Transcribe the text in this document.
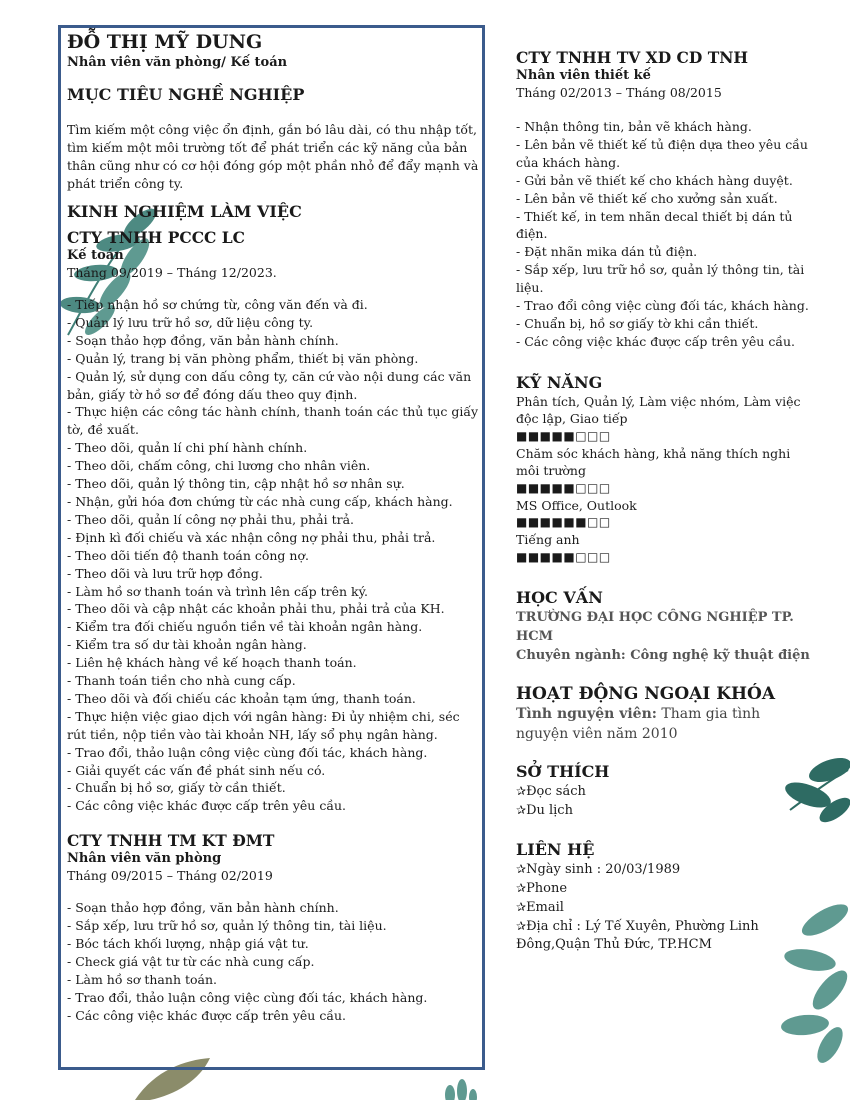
ĐỖ THỊ MỸ DUNG
Nhân viên văn phòng/ Kế toán
MỤC TIÊU NGHỀ NGHIỆP
Tìm kiếm một công việc ổn định, gắn bó lâu dài, có thu nhập tốt, tìm kiếm một môi trường tốt để phát triển các kỹ năng của bản thân cũng như có cơ hội đóng góp một phần nhỏ để đẩy mạnh và phát triển công ty.
KINH NGHIỆM LÀM VIỆC
CTY TNHH PCCC LC
Kế toán
Tháng 09/2019 – Tháng 12/2023.
- Tiếp nhận hồ sơ chứng từ, công văn đến và đi.
- Quản lý lưu trữ hồ sơ, dữ liệu công ty.
- Soạn thảo hợp đồng, văn bản hành chính.
- Quản lý, trang bị văn phòng phẩm, thiết bị văn phòng.
- Quản lý, sử dụng con dấu công ty, căn cứ vào nội dung các văn bản, giấy tờ hồ sơ để đóng dấu theo quy định.
- Thực hiện các công tác hành chính, thanh toán các thủ tục giấy tờ, đề xuất.
- Theo dõi, quản lí chi phí hành chính.
- Theo dõi, chấm công, chi lương cho nhân viên.
- Theo dõi, quản lý thông tin, cập nhật hồ sơ nhân sự.
- Nhận, gửi hóa đơn chứng từ các nhà cung cấp, khách hàng.
- Theo dõi, quản lí công nợ phải thu, phải trả.
- Định kì đối chiếu và xác nhận công nợ phải thu, phải trả.
- Theo dõi tiến độ thanh toán công nợ.
- Theo dõi và lưu trữ hợp đồng.
- Làm hồ sơ thanh toán và trình lên cấp trên ký.
- Theo dõi và cập nhật các khoản phải thu, phải trả của KH.
- Kiểm tra đối chiếu nguồn tiền về tài khoản ngân hàng.
- Kiểm tra số dư tài khoản ngân hàng.
- Liên hệ khách hàng về kế hoạch thanh toán.
- Thanh toán tiền cho nhà cung cấp.
- Theo dõi và đối chiếu các khoản tạm ứng, thanh toán.
- Thực hiện việc giao dịch với ngân hàng: Đi ủy nhiệm chi, séc rút tiền, nộp tiền vào tài khoản NH, lấy sổ phụ ngân hàng.
- Trao đổi, thảo luận công việc cùng đối tác, khách hàng.
- Giải quyết các vấn đề phát sinh nếu có.
- Chuẩn bị hồ sơ, giấy tờ cần thiết.
- Các công việc khác được cấp trên yêu cầu.
CTY TNHH TM KT ĐMT
Nhân viên văn phòng
Tháng 09/2015 – Tháng 02/2019
- Soạn thảo hợp đồng, văn bản hành chính.
- Sắp xếp, lưu trữ hồ sơ, quản lý thông tin, tài liệu.
- Bóc tách khối lượng, nhập giá vật tư.
- Check giá vật tư từ các nhà cung cấp.
- Làm hồ sơ thanh toán.
- Trao đổi, thảo luận công việc cùng đối tác, khách hàng.
- Các công việc khác được cấp trên yêu cầu.
CTY TNHH TV XD CD TNH
Nhân viên thiết kế
Tháng 02/2013 – Tháng 08/2015
- Nhận thông tin, bản vẽ khách hàng.
- Lên bản vẽ thiết kế tủ điện dựa theo yêu cầu của khách hàng.
- Gửi bản vẽ thiết kế cho khách hàng duyệt.
- Lên bản vẽ thiết kế cho xưởng sản xuất.
- Thiết kế, in tem nhãn decal thiết bị dán tủ điện.
- Đặt nhãn mika dán tủ điện.
- Sắp xếp, lưu trữ hồ sơ, quản lý thông tin, tài liệu.
- Trao đổi công việc cùng đối tác, khách hàng.
- Chuẩn bị, hồ sơ giấy tờ khi cần thiết.
- Các công việc khác được cấp trên yêu cầu.
KỸ NĂNG
Phân tích, Quản lý, Làm việc nhóm, Làm việc độc lập, Giao tiếp
■■■■■□□□
Chăm sóc khách hàng, khả năng thích nghi môi trường
■■■■■□□□
MS Office, Outlook
■■■■■■□□
Tiếng anh
■■■■■□□□
HỌC VẤN
TRƯỜNG ĐẠI HỌC CÔNG NGHIỆP TP. HCM
Chuyên ngành: Công nghệ kỹ thuật điện
HOẠT ĐỘNG NGOẠI KHÓA
Tình nguyện viên: Tham gia tình nguyện viên năm 2010
SỞ THÍCH
✰Đọc sách
✰Du lịch
LIÊN HỆ
✰Ngày sinh : 20/03/1989
✰Phone
✰Email
✰Địa chỉ : Lý Tế Xuyên, Phường Linh Đông,Quận Thủ Đức, TP.HCM
